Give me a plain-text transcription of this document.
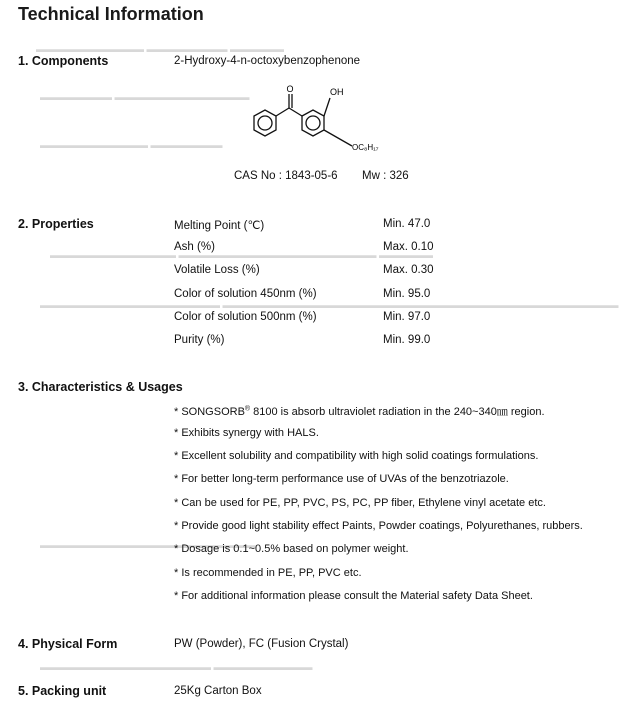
▬▬▬▬▬▬▬▬▬▬▬▬ ▬▬▬▬▬▬▬▬▬ ▬▬▬▬▬▬
▬▬▬▬▬▬▬▬ ▬▬▬▬▬▬▬▬▬▬▬▬▬▬▬
▬▬▬▬▬▬▬▬▬▬▬▬ ▬▬▬▬▬▬▬▬
▬▬▬▬▬▬▬▬▬▬▬▬▬▬ ▬▬▬▬▬▬▬▬▬▬▬▬▬▬▬▬▬▬▬▬▬▬ ▬▬▬▬▬▬
▬▬▬▬▬▬▬▬▬▬▬▬▬▬▬▬▬▬▬▬ ▬▬▬▬▬▬▬▬▬▬▬▬▬▬▬▬▬▬▬▬▬▬▬▬▬▬▬▬▬▬▬▬▬▬▬▬▬▬▬▬▬▬▬▬
▬▬▬▬▬▬▬▬▬▬▬▬▬▬▬▬▬▬▬▬▬▬▬▬
▬▬▬▬▬▬▬▬▬▬▬▬▬▬▬▬▬▬▬ ▬▬▬▬▬▬▬▬▬▬▬
Technical Information
1. Components	2-Hydroxy-4-n-octoxybenzophenone
O	OH
OC₈H₁₇
CAS No : 1843-05-6 Mw : 326
2. Properties	Melting Point (℃)	Min. 47.0
Ash (%)	Max. 0.10
Volatile Loss (%)	Max. 0.30
Color of solution 450nm (%)	Min. 95.0
Color of solution 500nm (%)	Min. 97.0
Purity (%)	Min. 99.0
3. Characteristics & Usages
* SONGSORB® 8100 is absorb ultraviolet radiation in the 240~340㎚ region.
* Exhibits synergy with HALS.
* Excellent solubility and compatibility with high solid coatings formulations.
* For better long-term performance use of UVAs of the benzotriazole.
* Can be used for PE, PP, PVC, PS, PC, PP fiber, Ethylene vinyl acetate etc.
* Provide good light stability effect Paints, Powder coatings, Polyurethanes, rubbers.
* Dosage is 0.1~0.5% based on polymer weight.
* Is recommended in PE, PP, PVC etc.
* For additional information please consult the Material safety Data Sheet.
4. Physical Form	PW (Powder), FC (Fusion Crystal)
5. Packing unit	25Kg Carton Box
